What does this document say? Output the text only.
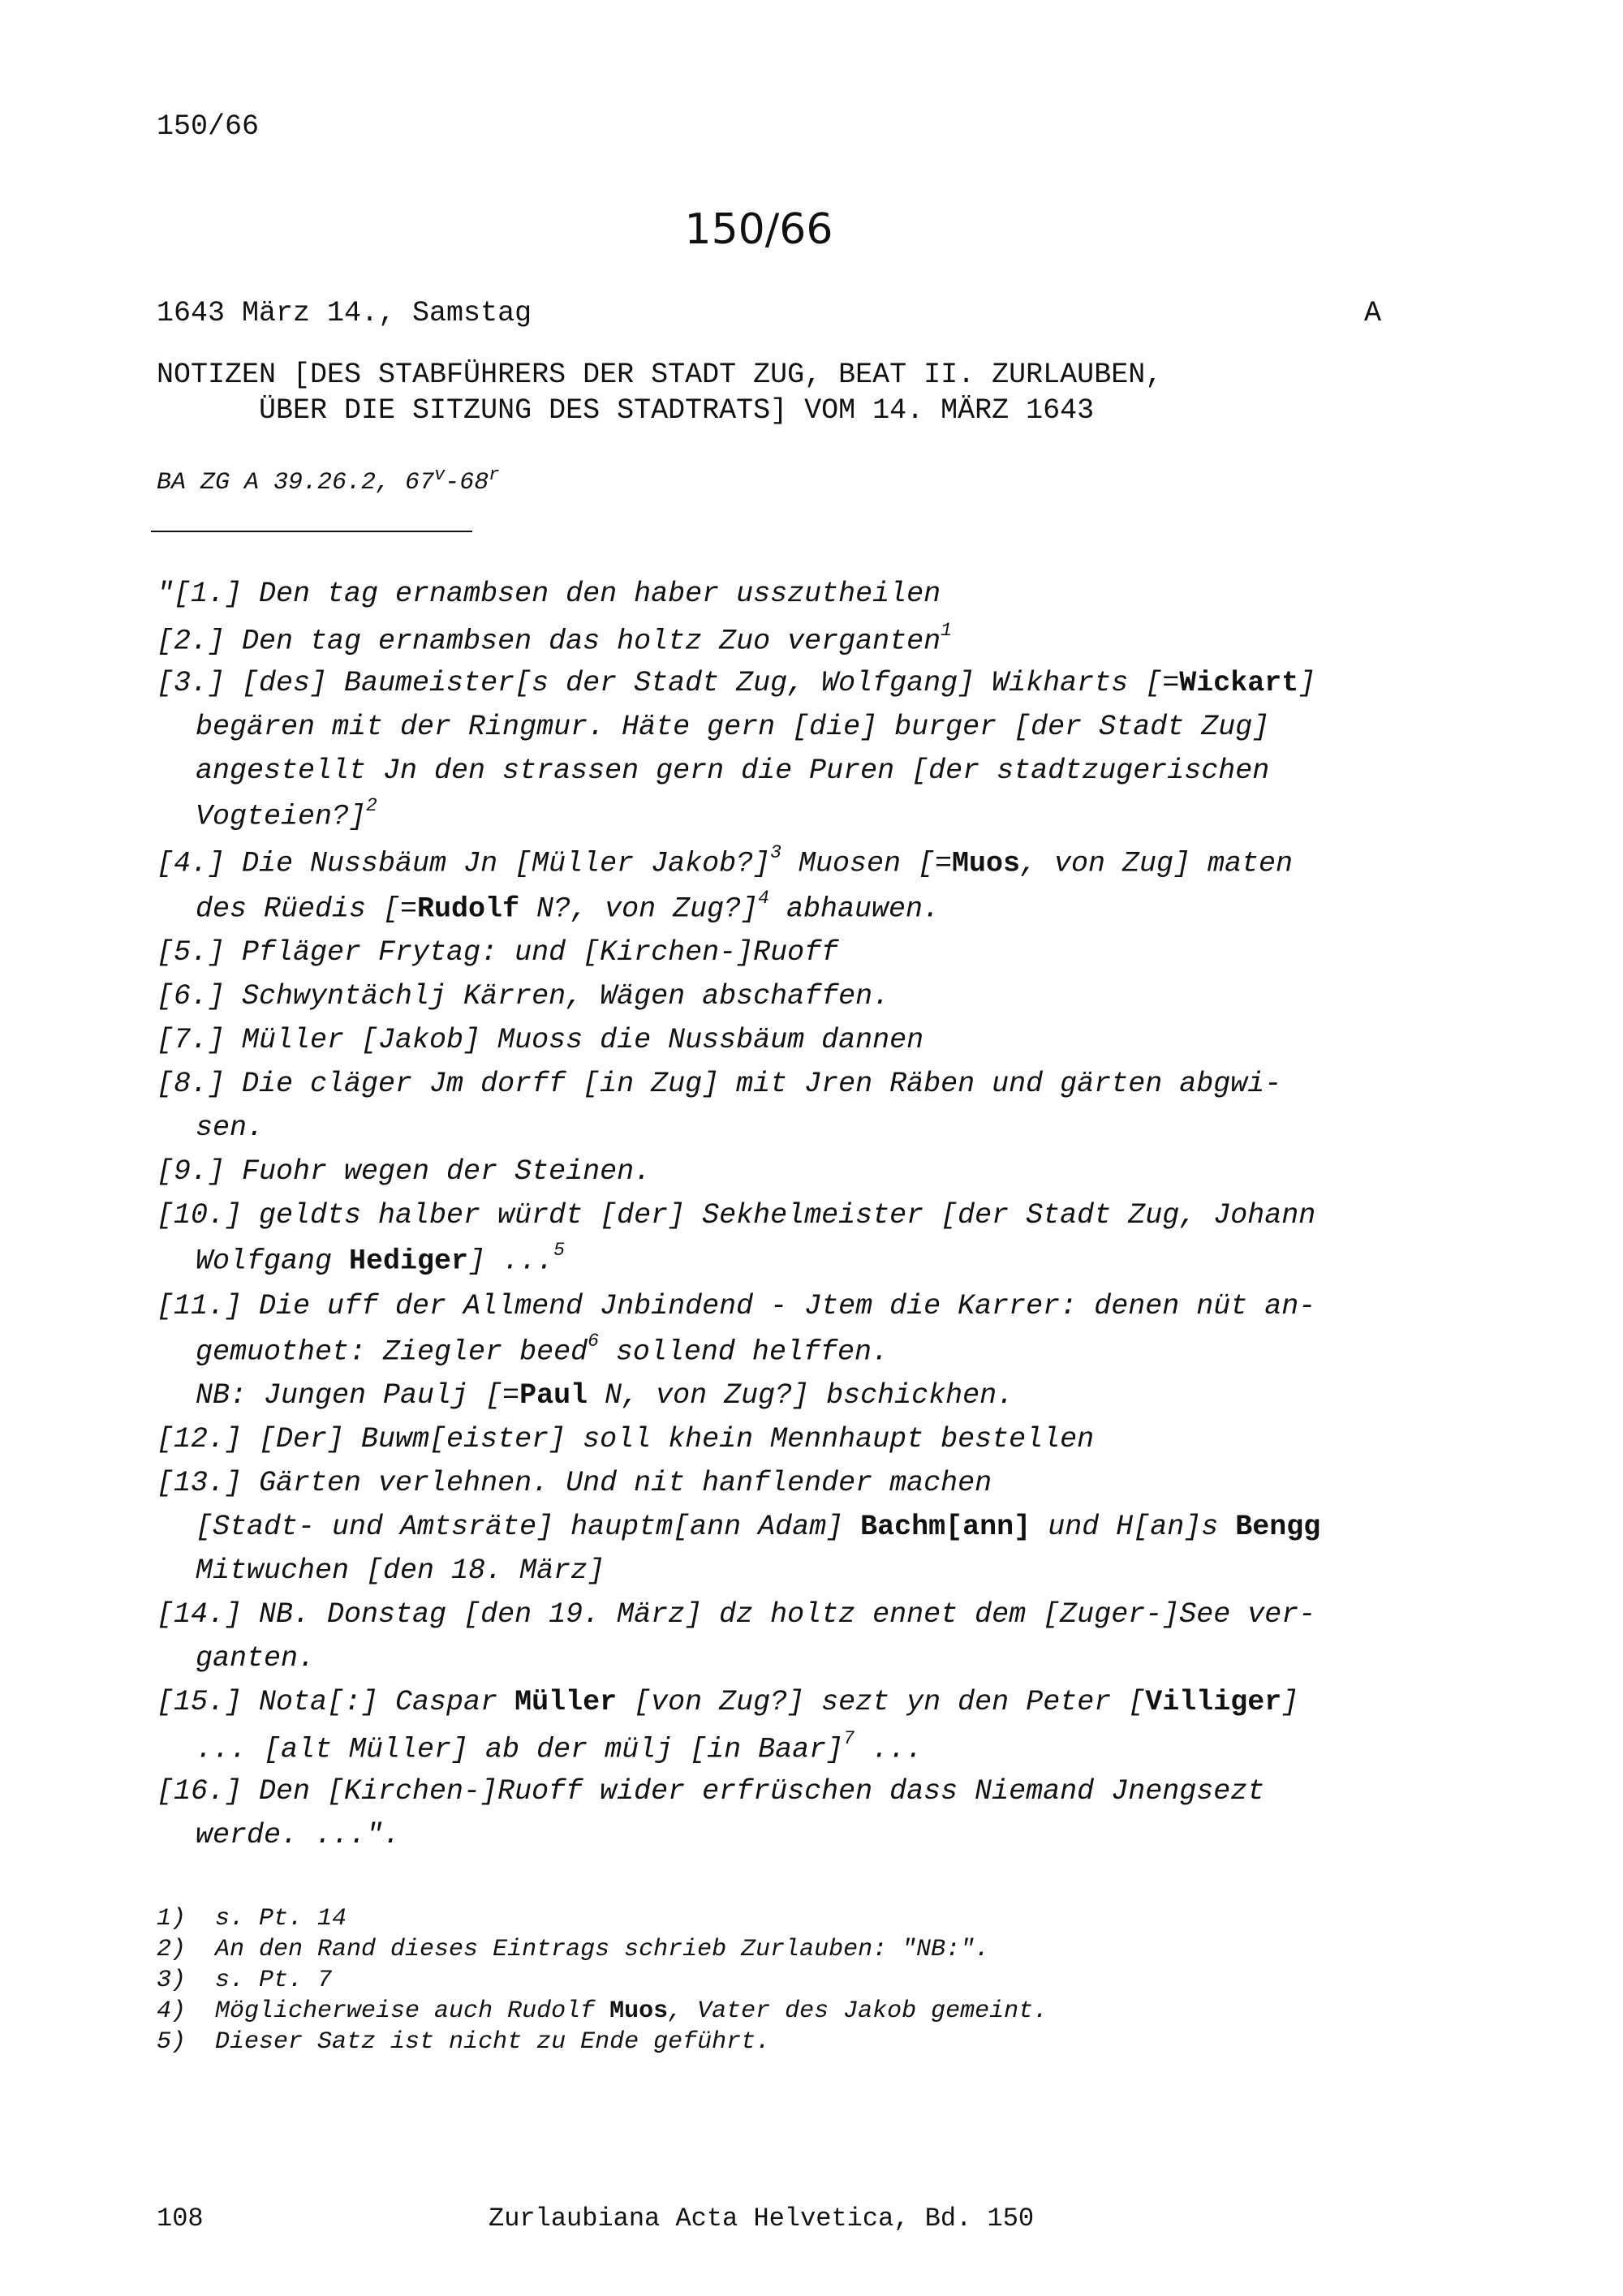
150/66
150/66
1643 März 14., Samstag	A
NOTIZEN [DES STABFÜHRERS DER STADT ZUG, BEAT II. ZURLAUBEN,
ÜBER DIE SITZUNG DES STADTRATS] VOM 14. MÄRZ 1643
BA ZG A 39.26.2, 67$^v$-68$^r$
"[1.] Den tag ernambsen den haber usszutheilen
[2.] Den tag ernambsen das holtz Zuo verganten$^1$
[3.] [des] Baumeister[s der Stadt Zug, Wolfgang] Wikharts [=Wickart]
begären mit der Ringmur. Häte gern [die] burger [der Stadt Zug]
angestellt Jn den strassen gern die Puren [der stadtzugerischen
Vogteien?]$^2$
[4.] Die Nussbäum Jn [Müller Jakob?]$^3$ Muosen [=Muos, von Zug] maten
des Rüedis [=Rudolf N?, von Zug?]$^4$ abhauwen.
[5.] Pfläger Frytag: und [Kirchen-]Ruoff
[6.] Schwyntächlj Kärren, Wägen abschaffen.
[7.] Müller [Jakob] Muoss die Nussbäum dannen
[8.] Die cläger Jm dorff [in Zug] mit Jren Räben und gärten abgwi-
sen.
[9.] Fuohr wegen der Steinen.
[10.] geldts halber würdt [der] Sekhelmeister [der Stadt Zug, Johann
Wolfgang Hediger] ...$^5$
[11.] Die uff der Allmend Jnbindend - Jtem die Karrer: denen nüt an-
gemuothet: Ziegler beed$^6$ sollend helffen.
NB: Jungen Paulj [=Paul N, von Zug?] bschickhen.
[12.] [Der] Buwm[eister] soll khein Mennhaupt bestellen
[13.] Gärten verlehnen. Und nit hanflender machen
[Stadt- und Amtsräte] hauptm[ann Adam] Bachm[ann] und H[an]s Bengg
Mitwuchen [den 18. März]
[14.] NB. Donstag [den 19. März] dz holtz ennet dem [Zuger-]See ver-
ganten.
[15.] Nota[:] Caspar Müller [von Zug?] sezt yn den Peter [Villiger]
... [alt Müller] ab der mülj [in Baar]$^7$ ...
[16.] Den [Kirchen-]Ruoff wider erfrüschen dass Niemand Jnengsezt
werde. ...".
1)  s. Pt. 14
2)  An den Rand dieses Eintrags schrieb Zurlauben: "NB:".
3)  s. Pt. 7
4)  Möglicherweise auch Rudolf Muos, Vater des Jakob gemeint.
5)  Dieser Satz ist nicht zu Ende geführt.
108	Zurlaubiana Acta Helvetica, Bd. 150
